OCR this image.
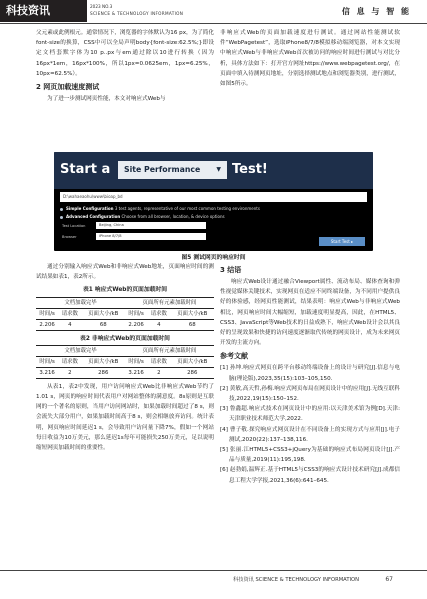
科技资讯	2023 NO.3
SCIENCE & TECHNOLOGY INFORMATION	信 息 与 智 能

父元素或此例根元。通常情况下，浏览器的字体默认为16 px，为了简化font-size的换算，CSS中可以全局声明body{font-size:62.5%;}即设定文档套默字体为10 p..px与em通过除以10进行转换（因为16px*1em，16px*100%，所以1px=0.0625em，1px=6.25%，10px=62.5%）。

2 网页加载速度测试

为了进一步测试网页性能，本文对响应式Web与

非响应式Web的页面加载速度进行测试。通过网站性能测试软件“WebPagetest”，选取iPhone8/7/8模拟移动端浏览器，对本文实现中响应式Web与非响应式Web首次被访问的响应时间进行测试与对比分析，具体方法如下：打开官方网址https://www.webpagetest.org/，在页面中填入待测网页地址，分别选择测试地点和浏览器类别，进行测试，如图5所示。

Start a	Site Performance	▼ Test!
D:\wahaeaohu\www\bioap_bd
Simple Configuration 3 test agents, representative of our most common testing environments
Advanced Configuration Choose from all browser, location, & device options
Test Location	Beijing, China
Browser	iPhone 8/7/8
Start Test ▸
图5 测试网页的响应时间

通过分别输入响应式Web和非响应式Web地址，页面响应时间的测试结果如表1，表2所示。

表1 响应式Web的页面加载时间
文档加载完毕			页面所有元素加载时间		
时间/s	请求数	页面大小/kB	时间/s	请求数	页面大小/kB
2.206	4	68	2.206	4	68
表2 非响应式Web的页面加载时间
文档加载完毕			页面所有元素加载时间		
时间/s	请求数	页面大小/kB	时间/s	请求数	页面大小/kB
3.216	2	286	3.216	2	286

从表1，表2中发现，用户访问响应式Web比非响应式Web节约了1.01 s，网页的响应时间代表用户对网站整体的满意度。8s原则是互联网的一个著名的原则，当用户访问网站时，如果加载时间超过了8 s，则会流失大部分用户，如果加载时间高于8 s，则会相继放弃访问。统计表明，网页响应时间延迟1 s，会导致用户访问量下降7%，假如一个网站每日收益为10万美元，那么延迟1s每年可能损失250万美元，足以说明缩短网页加载时间的重要性。

3 结语

响应式Web设计通过融合Viewport属性、流动布局、媒体查询和弹性视觉媒体关键技术，实现网页在适应不同终端设备，为不同用户提供良好的体验感，经网页性能测试，结果表明：响应式Web与非响应式Web相比，网页响应时间大幅缩短，加载速度明显提高，因此，在HTML5、CSS3、JavaScript等Web技术的日益成熟下，响应式Web设计会以其良好的呈现效果和快捷的访问速度逐渐取代传统的网页设计，成为未来网页开发的主流方向。

参考文献

[1] 孙坤.响应式网页在跨平台移动终端设备上的设计与研究[J].信息与电脑(理论版),2023,35(15):103–105,150.

[2] 黄敏,高天哲,孙梅.响应式网页布局在网页设计中的应用[J].无线互联科技,2022,19(15):150–152.

[3] 鲁鑫超.响应式技术在网页设计中的应用:以天津美术馆为例[D].天津:天津职业技术师范大学,2022.

[4] 曹子敬.探究响应式网页设计在不同设备上的实现方式与应用[J].电子测试,2020(22):137–138,116.

[5] 张丽.江HTML5+CSS3+jQuery为基础的响应式布局网页设计[J].产品与质量,2019(11):195,198.

[6] 赵勃娟,温辉正.基于HTML5与CSS3的响应式设计技术研究[J].成都信息工程大学学报,2021,36(6):641–645.

科技资讯 SCIENCE & TECHNOLOGY INFORMATION	67
